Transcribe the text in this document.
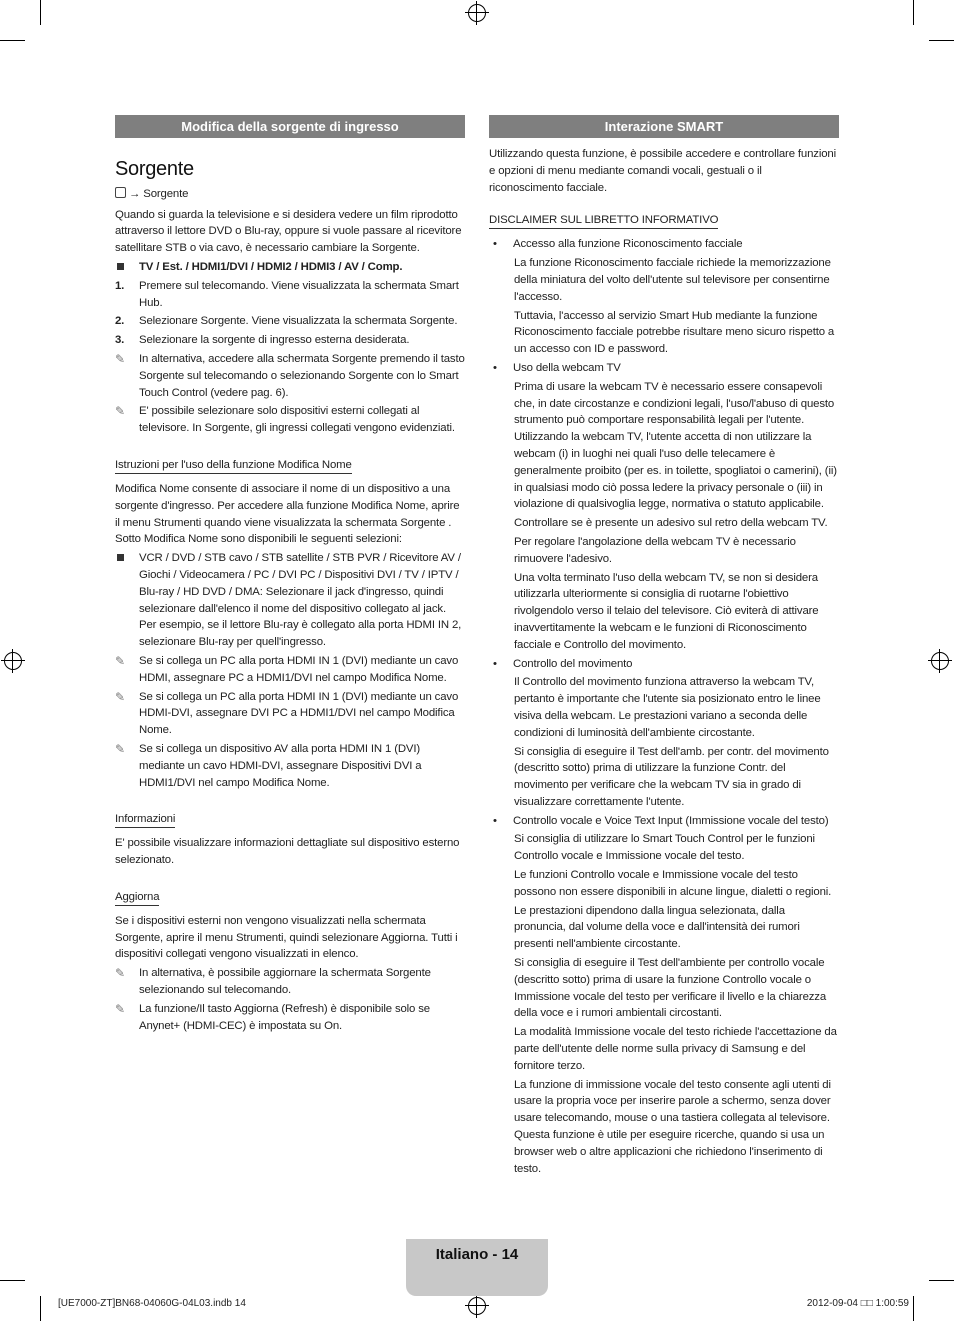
Modifica della sorgente di ingresso
Sorgente

→ Sorgente

Quando si guarda la televisione e si desidera vedere un film riprodotto attraverso il lettore DVD o Blu-ray, oppure si vuole passare al ricevitore satellitare STB o via cavo, è necessario cambiare la Sorgente.

TV / Est. / HDMI1/DVI / HDMI2 / HDMI3 / AV / Comp.
1.	Premere sul telecomando. Viene visualizzata la schermata Smart Hub.
2.	Selezionare Sorgente. Viene visualizzata la schermata Sorgente.
3.	Selezionare la sorgente di ingresso esterna desiderata.
✎	In alternativa, accedere alla schermata Sorgente premendo il tasto Sorgente sul telecomando o selezionando Sorgente con lo Smart Touch Control (vedere pag. 6).
✎	E' possibile selezionare solo dispositivi esterni collegati al televisore. In Sorgente, gli ingressi collegati vengono evidenziati.
Istruzioni per l'uso della funzione Modifica Nome

Modifica Nome consente di associare il nome di un dispositivo a una sorgente d'ingresso. Per accedere alla funzione Modifica Nome, aprire il menu Strumenti quando viene visualizzata la schermata Sorgente . Sotto Modifica Nome sono disponibili le seguenti selezioni:

VCR / DVD / STB cavo / STB satellite / STB PVR / Ricevitore AV / Giochi / Videocamera / PC / DVI PC / Dispositivi DVI / TV / IPTV / Blu-ray / HD DVD / DMA: Selezionare il jack d'ingresso, quindi selezionare dall'elenco il nome del dispositivo collegato al jack. Per esempio, se il lettore Blu-ray è collegato alla porta HDMI IN 2, selezionare Blu-ray per quell'ingresso.
✎	Se si collega un PC alla porta HDMI IN 1 (DVI) mediante un cavo HDMI, assegnare PC a HDMI1/DVI nel campo Modifica Nome.
✎	Se si collega un PC alla porta HDMI IN 1 (DVI) mediante un cavo HDMI-DVI, assegnare DVI PC a HDMI1/DVI nel campo Modifica Nome.
✎	Se si collega un dispositivo AV alla porta HDMI IN 1 (DVI) mediante un cavo HDMI-DVI, assegnare Dispositivi DVI a HDMI1/DVI nel campo Modifica Nome.
Informazioni

E' possibile visualizzare informazioni dettagliate sul dispositivo esterno selezionato.

Aggiorna

Se i dispositivi esterni non vengono visualizzati nella schermata Sorgente, aprire il menu Strumenti, quindi selezionare Aggiorna. Tutti i dispositivi collegati vengono visualizzati in elenco.

✎	In alternativa, è possibile aggiornare la schermata Sorgente selezionando sul telecomando.
✎	La funzione/Il tasto Aggiorna (Refresh) è disponibile solo se Anynet+ (HDMI-CEC) è impostata su On.
Interazione SMART

Utilizzando questa funzione, è possibile accedere e controllare funzioni e opzioni di menu mediante comandi vocali, gestuali o il riconoscimento facciale.

DISCLAIMER SUL LIBRETTO INFORMATIVO
•	Accesso alla funzione Riconoscimento facciale

La funzione Riconoscimento facciale richiede la memorizzazione della miniatura del volto dell'utente sul televisore per consentirne l'accesso.

Tuttavia, l'accesso al servizio Smart Hub mediante la funzione Riconoscimento facciale potrebbe risultare meno sicuro rispetto a un accesso con ID e password.

•	Uso della webcam TV

Prima di usare la webcam TV è necessario essere consapevoli che, in date circostanze e condizioni legali, l'uso/l'abuso di questo strumento può comportare responsabilità legali per l'utente. Utilizzando la webcam TV, l'utente accetta di non utilizzare la webcam (i) in luoghi nei quali l'uso delle telecamere è generalmente proibito (per es. in toilette, spogliatoi o camerini), (ii) in qualsiasi modo ciò possa ledere la privacy personale o (iii) in violazione di qualsivoglia legge, normativa o statuto applicabile.

Controllare se è presente un adesivo sul retro della webcam TV.

Per regolare l'angolazione della webcam TV è necessario rimuovere l'adesivo.

Una volta terminato l'uso della webcam TV, se non si desidera utilizzarla ulteriormente si consiglia di ruotarne l'obiettivo rivolgendolo verso il telaio del televisore. Ciò eviterà di attivare inavvertitamente la webcam e le funzioni di Riconoscimento facciale e Controllo del movimento.

•	Controllo del movimento

Il Controllo del movimento funziona attraverso la webcam TV, pertanto è importante che l'utente sia posizionato entro le linee visiva della webcam. Le prestazioni variano a seconda delle condizioni di luminosità dell'ambiente circostante.

Si consiglia di eseguire il Test dell'amb. per contr. del movimento (descritto sotto) prima di utilizzare la funzione Contr. del movimento per verificare che la webcam TV sia in grado di visualizzare correttamente l'utente.

•	Controllo vocale e Voice Text Input (Immissione vocale del testo)

Si consiglia di utilizzare lo Smart Touch Control per le funzioni Controllo vocale e Immissione vocale del testo.

Le funzioni Controllo vocale e Immissione vocale del testo possono non essere disponibili in alcune lingue, dialetti o regioni.

Le prestazioni dipendono dalla lingua selezionata, dalla pronuncia, dal volume della voce e dall'intensità dei rumori presenti nell'ambiente circostante.

Si consiglia di eseguire il Test dell'ambiente per controllo vocale (descritto sotto) prima di usare la funzione Controllo vocale o Immissione vocale del testo per verificare il livello e la chiarezza della voce e i rumori ambientali circostanti.

La modalità Immissione vocale del testo richiede l'accettazione da parte dell'utente delle norme sulla privacy di Samsung e del fornitore terzo.

La funzione di immissione vocale del testo consente agli utenti di usare la propria voce per inserire parole a schermo, senza dover usare telecomando, mouse o una tastiera collegata al televisore. Questa funzione è utile per eseguire ricerche, quando si usa un browser web o altre applicazioni che richiedono l'inserimento di testo.

Italiano - 14
[UE7000-ZT]BN68-04060G-04L03.indb 14	2012-09-04 □□ 1:00:59
